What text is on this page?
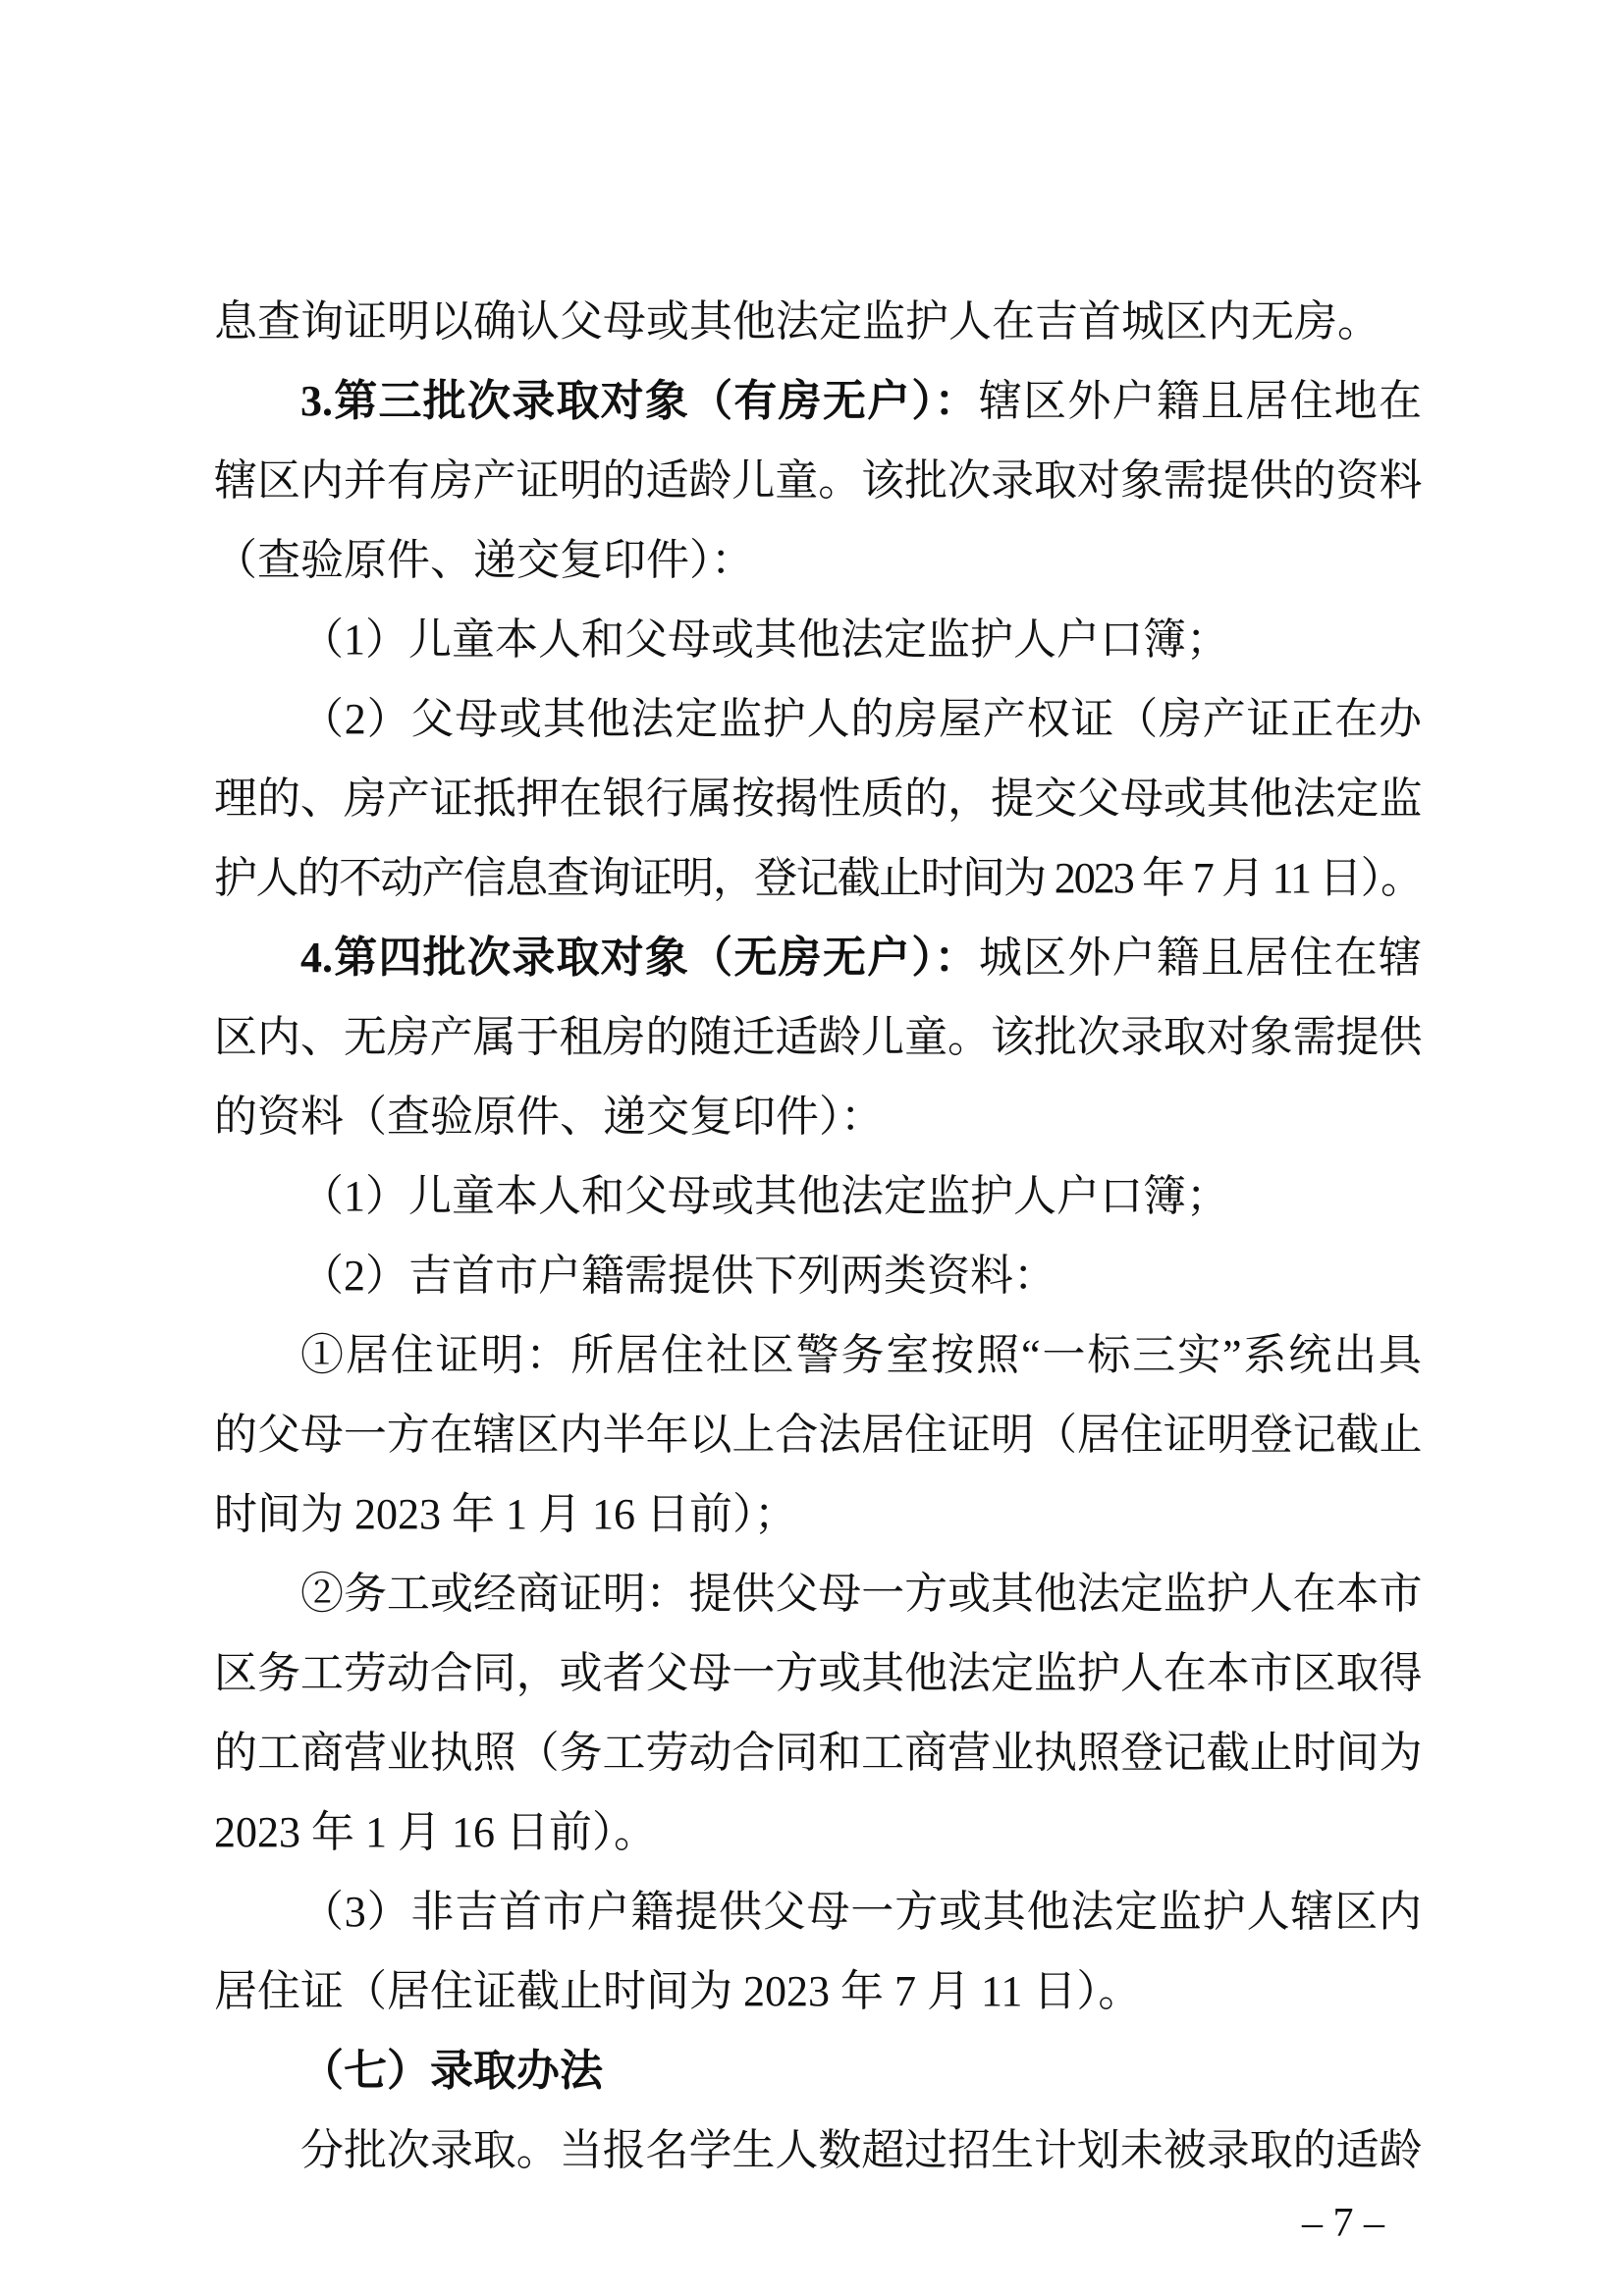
息查询证明以确认父母或其他法定监护人在吉首城区内无房。
3.第三批次录取对象（有房无户）：辖区外户籍且居住地在
辖区内并有房产证明的适龄儿童。该批次录取对象需提供的资料
（查验原件、递交复印件）：
（1）儿童本人和父母或其他法定监护人户口簿；
（2）父母或其他法定监护人的房屋产权证（房产证正在办
理的、房产证抵押在银行属按揭性质的，提交父母或其他法定监
护人的不动产信息查询证明，登记截止时间为 2023 年 7 月 11 日）。
4.第四批次录取对象（无房无户）：城区外户籍且居住在辖
区内、无房产属于租房的随迁适龄儿童。该批次录取对象需提供
的资料（查验原件、递交复印件）：
（1）儿童本人和父母或其他法定监护人户口簿；
（2）吉首市户籍需提供下列两类资料：
①居住证明：所居住社区警务室按照“一标三实”系统出具
的父母一方在辖区内半年以上合法居住证明（居住证明登记截止
时间为 2023 年 1 月 16 日前）；
②务工或经商证明：提供父母一方或其他法定监护人在本市
区务工劳动合同，或者父母一方或其他法定监护人在本市区取得
的工商营业执照（务工劳动合同和工商营业执照登记截止时间为
2023 年 1 月 16 日前）。
（3）非吉首市户籍提供父母一方或其他法定监护人辖区内
居住证（居住证截止时间为 2023 年 7 月 11 日）。
（七）录取办法
分批次录取。当报名学生人数超过招生计划未被录取的适龄
– 7 –
